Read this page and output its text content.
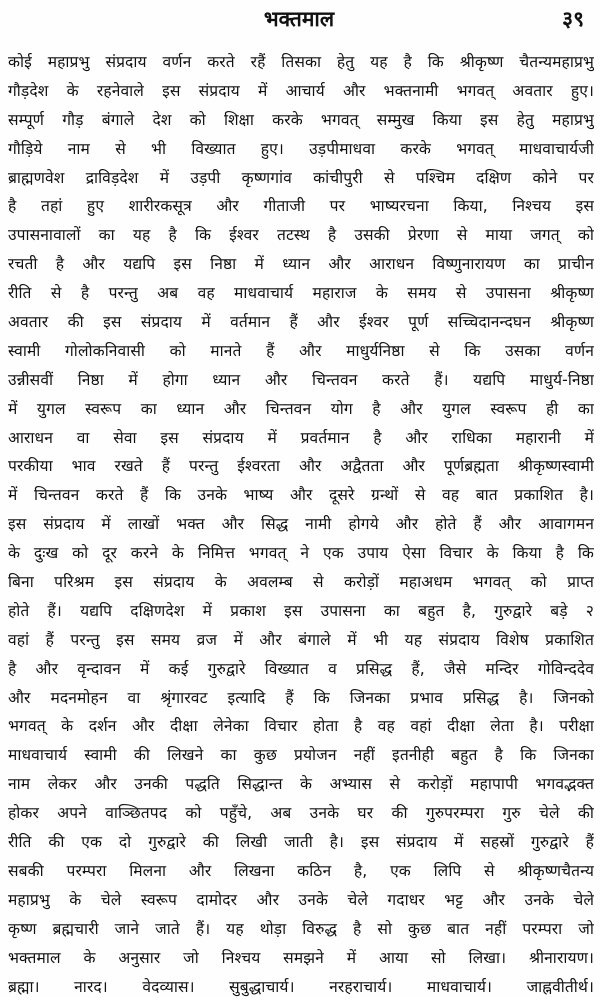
भक्तमाल	३९
कोई महाप्रभु संप्रदाय वर्णन करते रहैं तिसका हेतु यह है कि श्रीकृष्ण चैतन्यमहाप्रभु
गौड़देश के रहनेवाले इस संप्रदाय में आचार्य और भक्तनामी भगवत् अवतार हुए।
सम्पूर्ण गौड़ बंगाले देश को शिक्षा करके भगवत् सम्मुख किया इस हेतु महाप्रभु
गौड़िये नाम से भी विख्यात हुए। उड़पीमाधवा करके भगवत् माधवाचार्यजी
ब्राह्मणवेश द्राविड़देश में उड़पी कृष्णगांव कांचीपुरी से पश्चिम दक्षिण कोने पर
है तहां हुए शारीरकसूत्र और गीताजी पर भाष्यरचना किया, निश्चय इस
उपासनावालों का यह है कि ईश्वर तटस्थ है उसकी प्रेरणा से माया जगत् को
रचती है और यद्यपि इस निष्ठा में ध्यान और आराधन विष्णुनारायण का प्राचीन
रीति से है परन्तु अब वह माधवाचार्य महाराज के समय से उपासना श्रीकृष्ण
अवतार की इस संप्रदाय में वर्तमान हैं और ईश्वर पूर्ण सच्चिदानन्दघन श्रीकृष्ण
स्वामी गोलोकनिवासी को मानते हैं और माधुर्यनिष्ठा से कि उसका वर्णन
उन्नीसवीं निष्ठा में होगा ध्यान और चिन्तवन करते हैं। यद्यपि माधुर्य-निष्ठा
में युगल स्वरूप का ध्यान और चिन्तवन योग है और युगल स्वरूप ही का
आराधन वा सेवा इस संप्रदाय में प्रवर्तमान है और राधिका महारानी में
परकीया भाव रखते हैं परन्तु ईश्वरता और अद्वैतता और पूर्णब्रह्मता श्रीकृष्णस्वामी
में चिन्तवन करते हैं कि उनके भाष्य और दूसरे ग्रन्थों से वह बात प्रकाशित है।
इस संप्रदाय में लाखों भक्त और सिद्ध नामी होगये और होते हैं और आवागमन
के दुःख को दूर करने के निमित्त भगवत् ने एक उपाय ऐसा विचार के किया है कि
बिना परिश्रम इस संप्रदाय के अवलम्ब से करोड़ों महाअधम भगवत् को प्राप्त
होते हैं। यद्यपि दक्षिणदेश में प्रकाश इस उपासना का बहुत है, गुरुद्वारे बड़े २
वहां हैं परन्तु इस समय व्रज में और बंगाले में भी यह संप्रदाय विशेष प्रकाशित
है और वृन्दावन में कई गुरुद्वारे विख्यात व प्रसिद्ध हैं, जैसे मन्दिर गोविन्ददेव
और मदनमोहन वा श्रृंगारवट इत्यादि हैं कि जिनका प्रभाव प्रसिद्ध है। जिनको
भगवत् के दर्शन और दीक्षा लेनेका विचार होता है वह वहां दीक्षा लेता है। परीक्षा
माधवाचार्य स्वामी की लिखने का कुछ प्रयोजन नहीं इतनीही बहुत है कि जिनका
नाम लेकर और उनकी पद्धति सिद्धान्त के अभ्यास से करोड़ों महापापी भगवद्भक्त
होकर अपने वाञ्छितपद को पहुँचे, अब उनके घर की गुरुपरम्परा गुरु चेले की
रीति की एक दो गुरुद्वारे की लिखी जाती है। इस संप्रदाय में सहस्रों गुरुद्वारे हैं
सबकी परम्परा मिलना और लिखना कठिन है, एक लिपि से श्रीकृष्णचैतन्य
महाप्रभु के चेले स्वरूप दामोदर और उनके चेले गदाधर भट्ट और उनके चेले
कृष्ण ब्रह्मचारी जाने जाते हैं। यह थोड़ा विरुद्ध है सो कुछ बात नहीं परम्परा जो
भक्तमाल के अनुसार जो निश्चय समझने में आया सो लिखा। श्रीनारायण।
ब्रह्मा। नारद। वेदव्यास। सुबुद्धाचार्य। नरहराचार्य। माधवाचार्य। जाह्नवीतीर्थ।
